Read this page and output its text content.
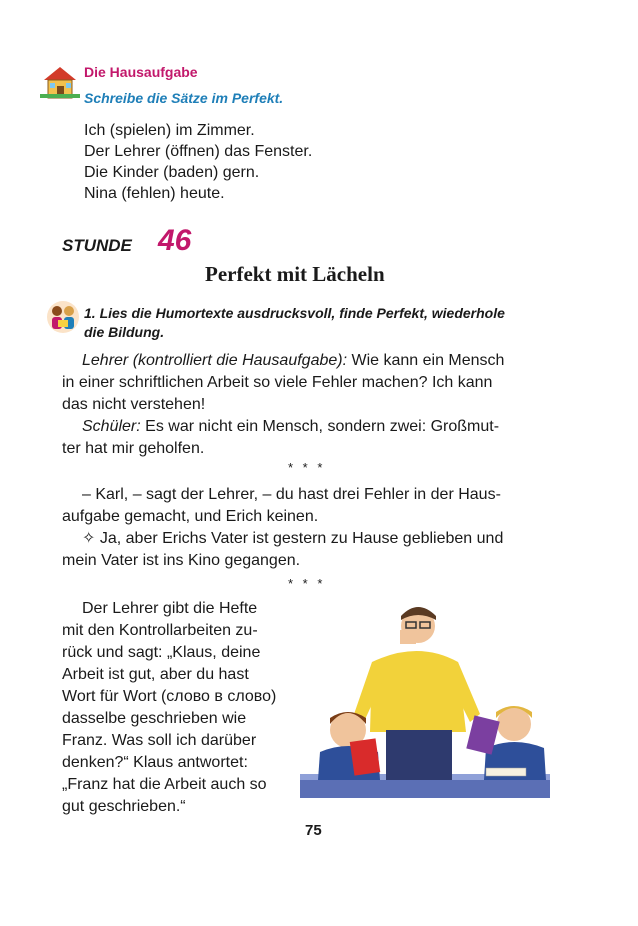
Die Hausaufgabe
Schreibe die Sätze im Perfekt.
Ich (spielen) im Zimmer.
Der Lehrer (öffnen) das Fenster.
Die Kinder (baden) gern.
Nina (fehlen) heute.
STUNDE 46
Perfekt mit Lächeln
1. Lies die Humortexte ausdrucksvoll, finde Perfekt, wiederhole
die Bildung.
Lehrer (kontrolliert die Hausaufgabe): Wie kann ein Mensch
in einer schriftlichen Arbeit so viele Fehler machen? Ich kann
das nicht verstehen!
Schüler: Es war nicht ein Mensch, sondern zwei: Großmut-
ter hat mir geholfen.
* * *
– Karl, – sagt der Lehrer, – du hast drei Fehler in der Haus-
aufgabe gemacht, und Erich keinen.
✧ Ja, aber Erichs Vater ist gestern zu Hause geblieben und
mein Vater ist ins Kino gegangen.
* * *
Der Lehrer gibt die Hefte
mit den Kontrollarbeiten zu-
rück und sagt: „Klaus, deine
Arbeit ist gut, aber du hast
Wort für Wort (слово в слово)
dasselbe geschrieben wie
Franz. Was soll ich darüber
denken?“ Klaus antwortet:
„Franz hat die Arbeit auch so
gut geschrieben.“
75
